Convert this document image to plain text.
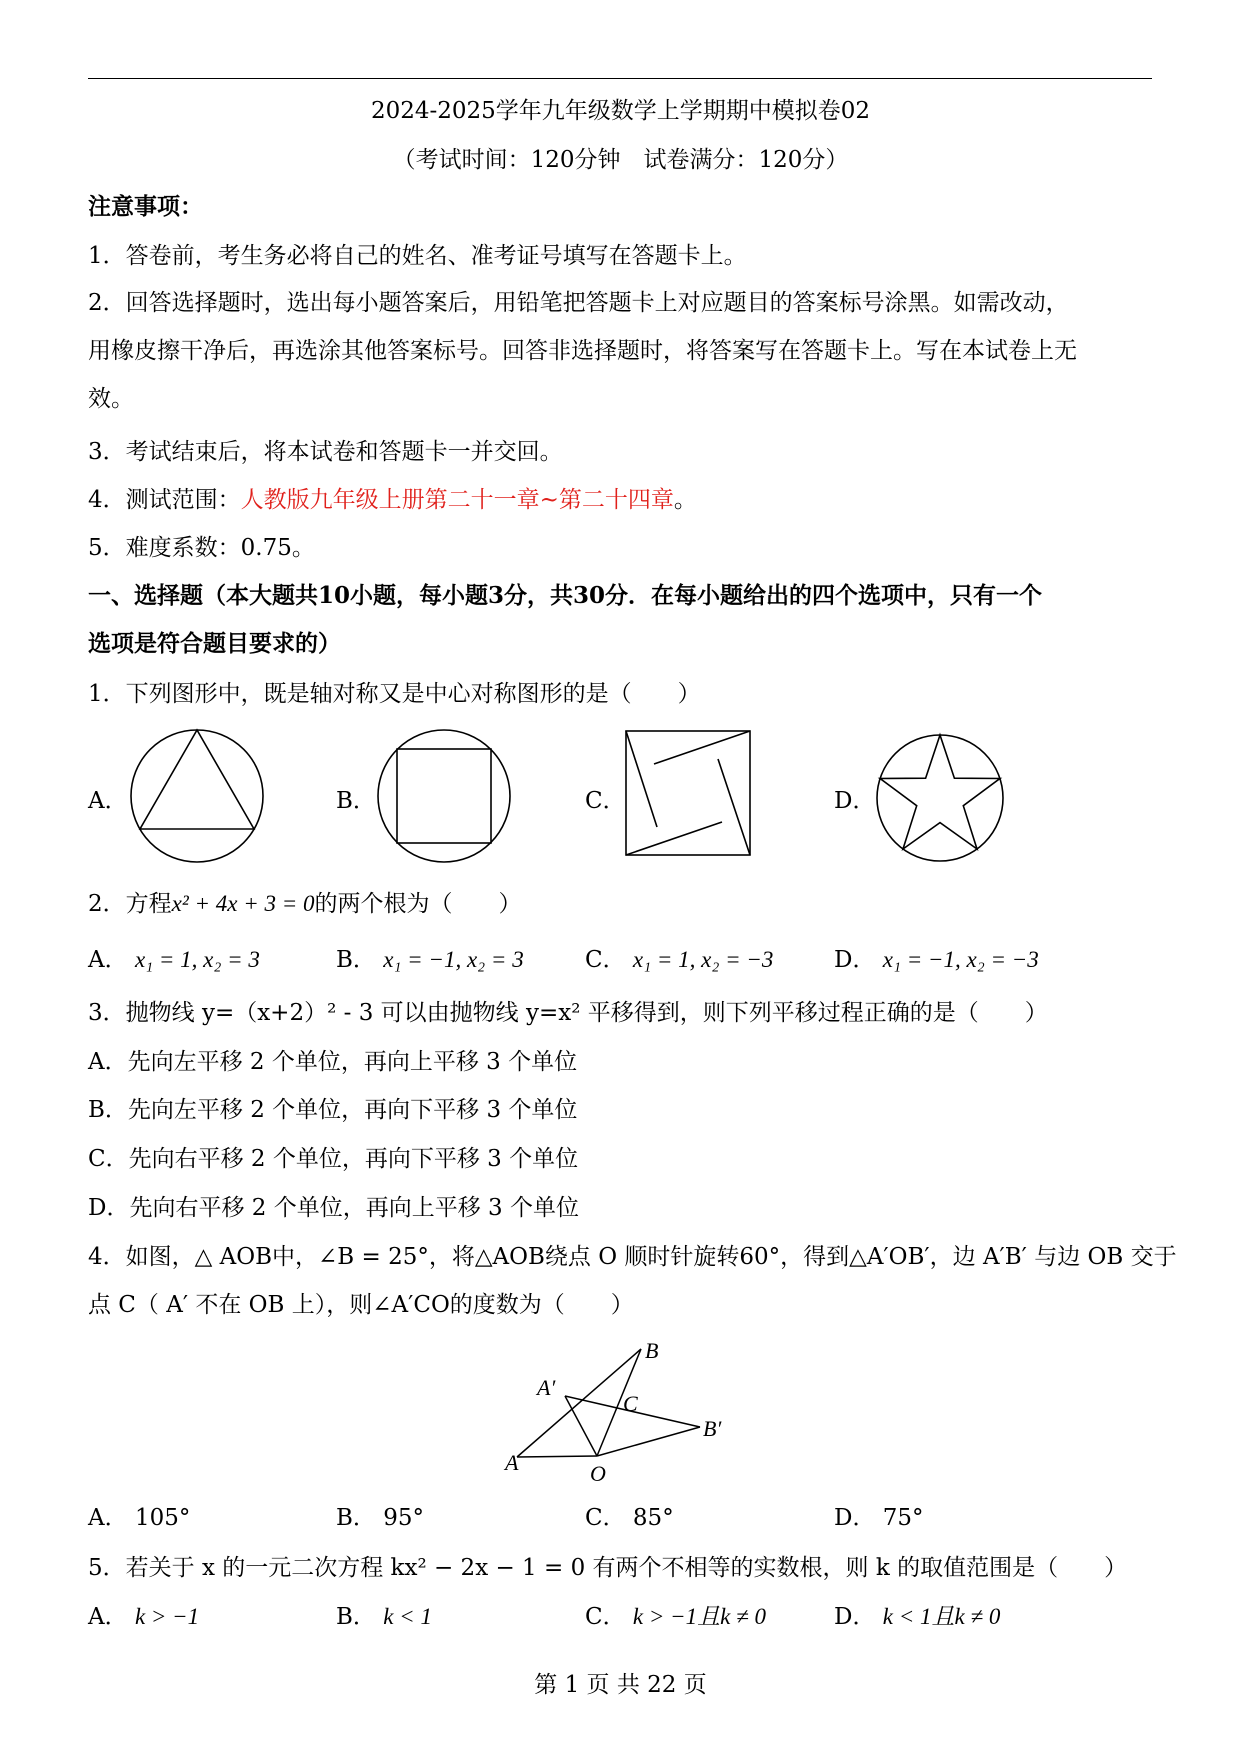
2024-2025学年九年级数学上学期期中模拟卷02
（考试时间：120分钟　试卷满分：120分）
注意事项：
1．答卷前，考生务必将自己的姓名、准考证号填写在答题卡上。
2．回答选择题时，选出每小题答案后，用铅笔把答题卡上对应题目的答案标号涂黑。如需改动，
用橡皮擦干净后，再选涂其他答案标号。回答非选择题时，将答案写在答题卡上。写在本试卷上无
效。
3．考试结束后，将本试卷和答题卡一并交回。
4．测试范围：人教版九年级上册第二十一章~第二十四章。
5．难度系数：0.75。
一、选择题（本大题共10小题，每小题3分，共30分．在每小题给出的四个选项中，只有一个
选项是符合题目要求的）
1．下列图形中，既是轴对称又是中心对称图形的是（　　）
A．	B．	C．	D．
2．方程x² + 4x + 3 = 0的两个根为（　　）
A． x₁ = 1, x₂ = 3	B． x₁ = −1, x₂ = 3	C． x₁ = 1, x₂ = −3	D． x₁ = −1, x₂ = −3
3．抛物线 y=（x+2）² - 3 可以由抛物线 y=x² 平移得到，则下列平移过程正确的是（　　）
A．先向左平移 2 个单位，再向上平移 3 个单位
B．先向左平移 2 个单位，再向下平移 3 个单位
C．先向右平移 2 个单位，再向下平移 3 个单位
D．先向右平移 2 个单位，再向上平移 3 个单位
4．如图，△ AOB中，∠B = 25°，将△AOB绕点 O 顺时针旋转60°，得到△A′OB′，边 A′B′ 与边 OB 交于
点 C（ A′ 不在 OB 上），则∠A′CO的度数为（　　）
A	O
B
A′
B′
C
A． 105°	B． 95°	C． 85°	D． 75°
5．若关于 x 的一元二次方程 kx² − 2x − 1 = 0 有两个不相等的实数根，则 k 的取值范围是（　　）
A． k > −1	B． k < 1	C． k > −1且k ≠ 0	D． k < 1且k ≠ 0
第 1 页 共 22 页
